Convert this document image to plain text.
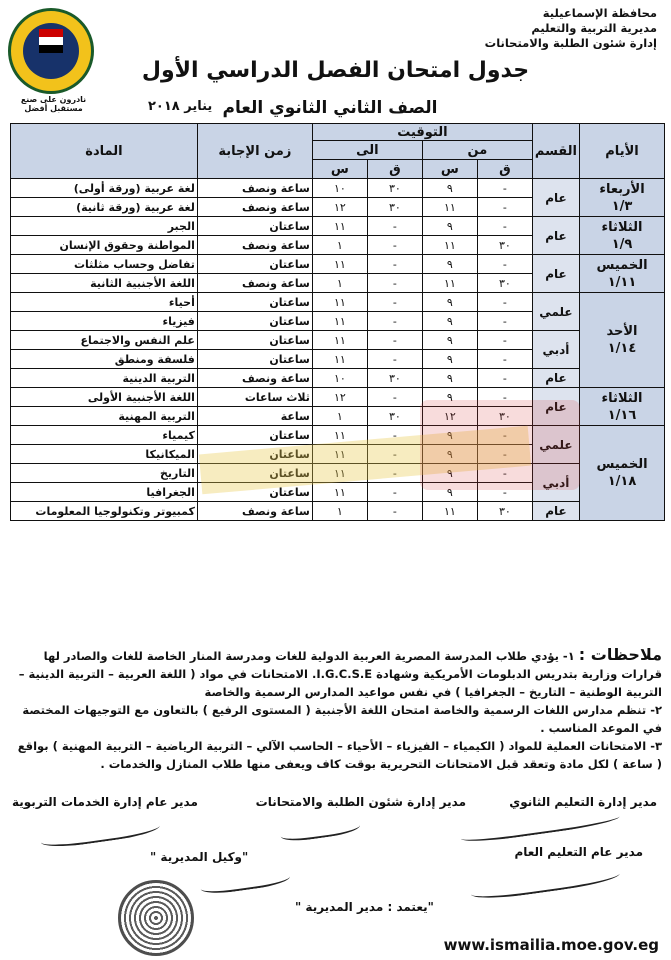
نادرون على صنع مستقبل أفضل
محافظة الإسماعيلية
مديرية التربية والتعليم
إدارة شئون الطلبة والامتحانات
جدول امتحان الفصل الدراسي الأول
الصف الثاني الثانوي العام
يناير ٢٠١٨
الأيام	القسم	التوقيت				زمن الإجابة	المادة
		من		الى			
		ق	س	ق	س		

الأربعاء
١/٣	عام	-	٩	٣٠	١٠	ساعة ونصف	لغة عربية (ورقة أولى)
		-	١١	٣٠	١٢	ساعة ونصف	لغة عربية (ورقة ثانية)

الثلاثاء
١/٩	عام	-	٩	-	١١	ساعتان	الجبر
		٣٠	١١	-	١	ساعة ونصف	المواطنة وحقوق الإنسان

الخميس
١/١١	عام	-	٩	-	١١	ساعتان	تفاضل وحساب مثلثات
		٣٠	١١	-	١	ساعة ونصف	اللغة الأجنبية الثانية

الأحد
١/١٤	علمي	-	٩	-	١١	ساعتان	أحياء
		-	٩	-	١١	ساعتان	فيزياء
	أدبي	-	٩	-	١١	ساعتان	علم النفس والاجتماع
		-	٩	-	١١	ساعتان	فلسفة ومنطق
	عام	-	٩	٣٠	١٠	ساعة ونصف	التربية الدينية

الثلاثاء
١/١٦	عام	-	٩	-	١٢	ثلاث ساعات	اللغة الأجنبية الأولى
		٣٠	١٢	٣٠	١	ساعة	التربية المهنية

الخميس
١/١٨	علمي	-	٩	-	١١	ساعتان	كيمياء
		-	٩	-	١١	ساعتان	الميكانيكا
	أدبي	-	٩	-	١١	ساعتان	التاريخ
		-	٩	-	١١	ساعتان	الجغرافيا
	عام	٣٠	١١	-	١	ساعة ونصف	كمبيوتر وتكنولوجيا المعلومات
ملاحظات : ١- يؤدي طلاب المدرسة المصرية العربية الدولية للغات ومدرسة المنار الخاصة للغات والصادر لها قرارات وزارية بتدريس الدبلومات الأمريكية وشهادة I.G.C.S.E. الامتحانات في مواد ( اللغة العربية – التربية الدينية – التربية الوطنية – التاريخ – الجغرافيا ) في نفس مواعيد المدارس الرسمية والخاصة
٢- تنظم مدارس اللغات الرسمية والخاصة امتحان اللغة الأجنبية ( المستوى الرفيع ) بالتعاون مع التوجيهات المختصة في الموعد المناسب .
٣- الامتحانات العملية للمواد ( الكيمياء – الفيزياء – الأحياء – الحاسب الآلي – التربية الرياضية – التربية المهنية ) بواقع ( ساعة ) لكل مادة وتعقد قبل الامتحانات التحريرية بوقت كاف ويعفى منها طلاب المنازل والخدمات .
مدير إدارة التعليم الثانوي
مدير إدارة شئون الطلبة والامتحانات
مدير عام إدارة الخدمات التربوية
مدير عام التعليم العام
"وكيل المديرية "
"يعتمد : مدير المديرية "
www.ismailia.moe.gov.eg
